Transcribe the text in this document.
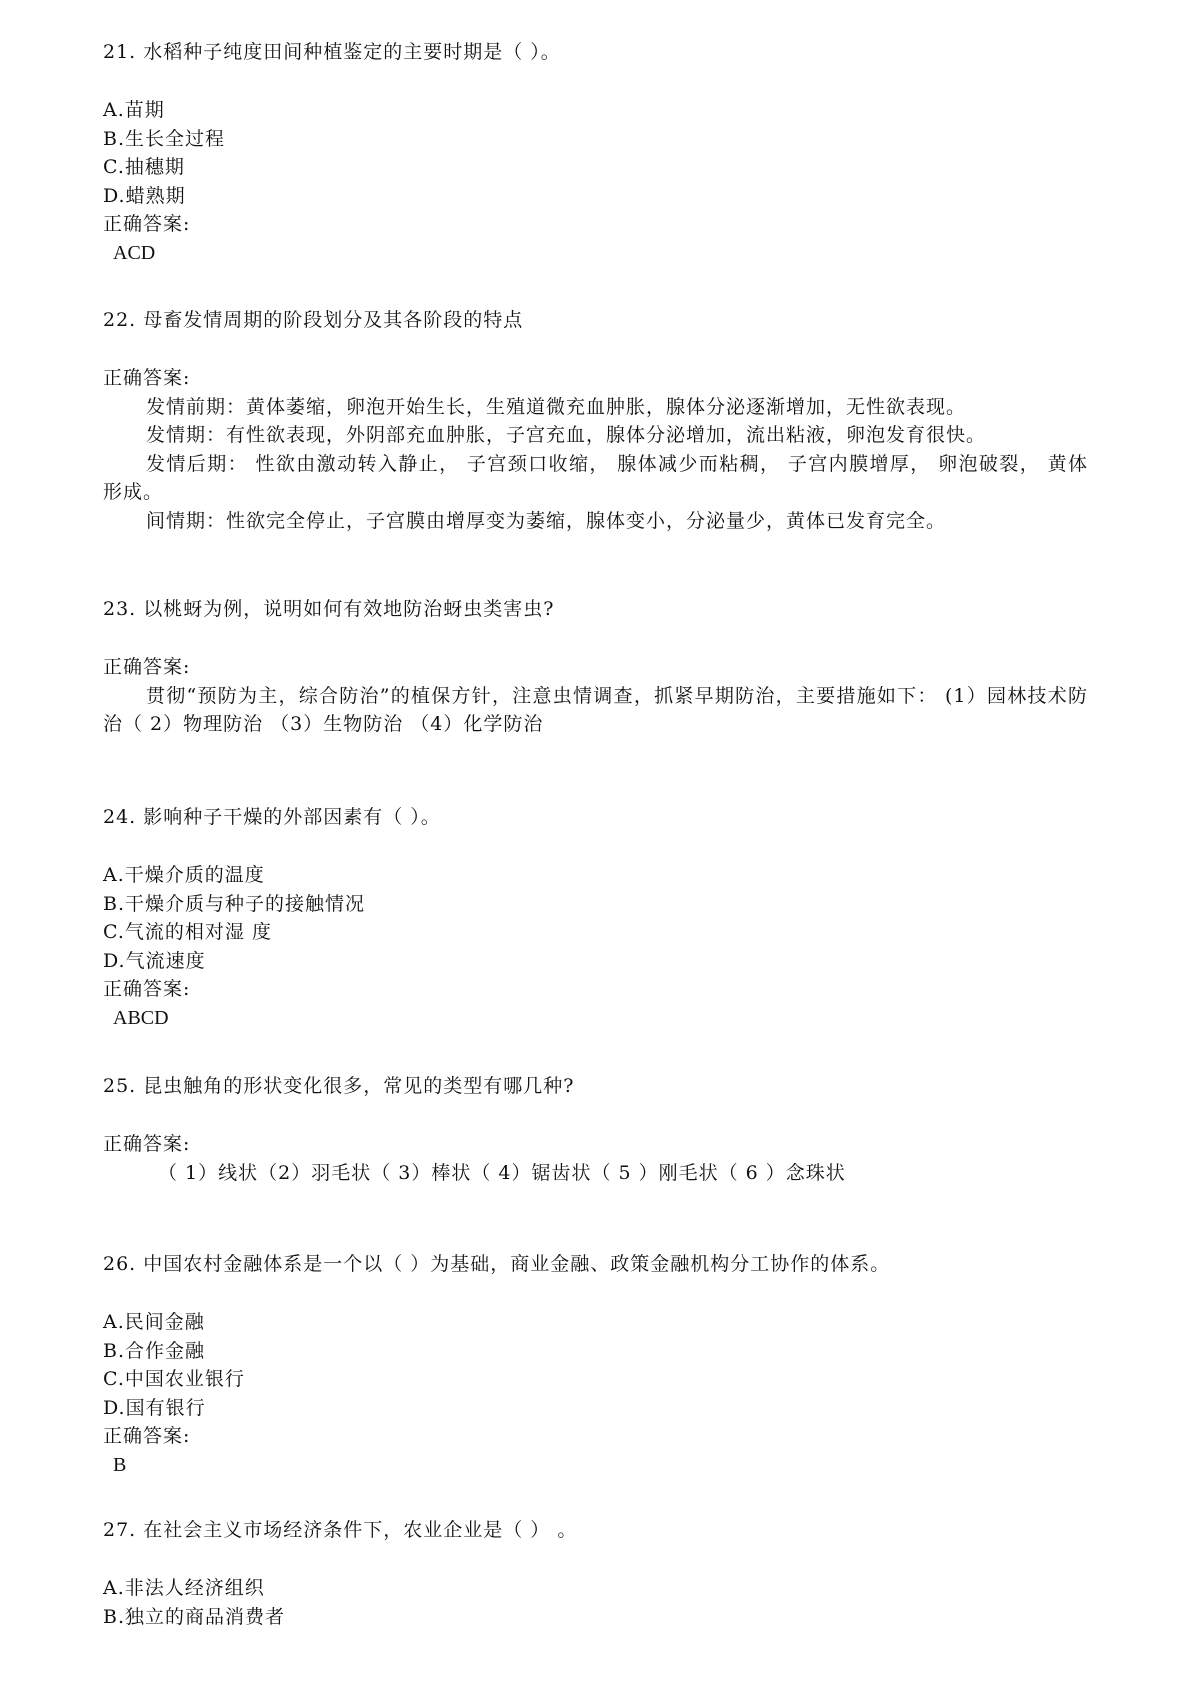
21. 水稻种子纯度田间种植鉴定的主要时期是（ ）。
A.苗期
B.生长全过程
C.抽穗期
D.蜡熟期
正确答案:
ACD
22. 母畜发情周期的阶段划分及其各阶段的特点
正确答案:
发情前期：黄体萎缩，卵泡开始生长，生殖道微充血肿胀，腺体分泌逐渐增加，无性欲表现。
发情期：有性欲表现，外阴部充血肿胀，子宫充血，腺体分泌增加，流出粘液，卵泡发育很快。
发情后期： 性欲由激动转入静止， 子宫颈口收缩， 腺体减少而粘稠， 子宫内膜增厚， 卵泡破裂， 黄体形成。
间情期：性欲完全停止，子宫膜由增厚变为萎缩，腺体变小，分泌量少，黄体已发育完全。
23. 以桃蚜为例，说明如何有效地防治蚜虫类害虫?
正确答案:
贯彻“预防为主，综合防治”的植保方针，注意虫情调查，抓紧早期防治，主要措施如下： (1）园林技术防治（ 2）物理防治 （3）生物防治 （4）化学防治
24. 影响种子干燥的外部因素有（ ）。
A.干燥介质的温度
B.干燥介质与种子的接触情况
C.气流的相对湿 度
D.气流速度
正确答案:
ABCD
25. 昆虫触角的形状变化很多，常见的类型有哪几种?
正确答案:
（ 1）线状（2）羽毛状（ 3）棒状（ 4）锯齿状（ 5 ）刚毛状（ 6 ）念珠状
26. 中国农村金融体系是一个以（ ）为基础，商业金融、政策金融机构分工协作的体系。
A.民间金融
B.合作金融
C.中国农业银行
D.国有银行
正确答案:
B
27. 在社会主义市场经济条件下，农业企业是（ ） 。
A.非法人经济组织
B.独立的商品消费者
